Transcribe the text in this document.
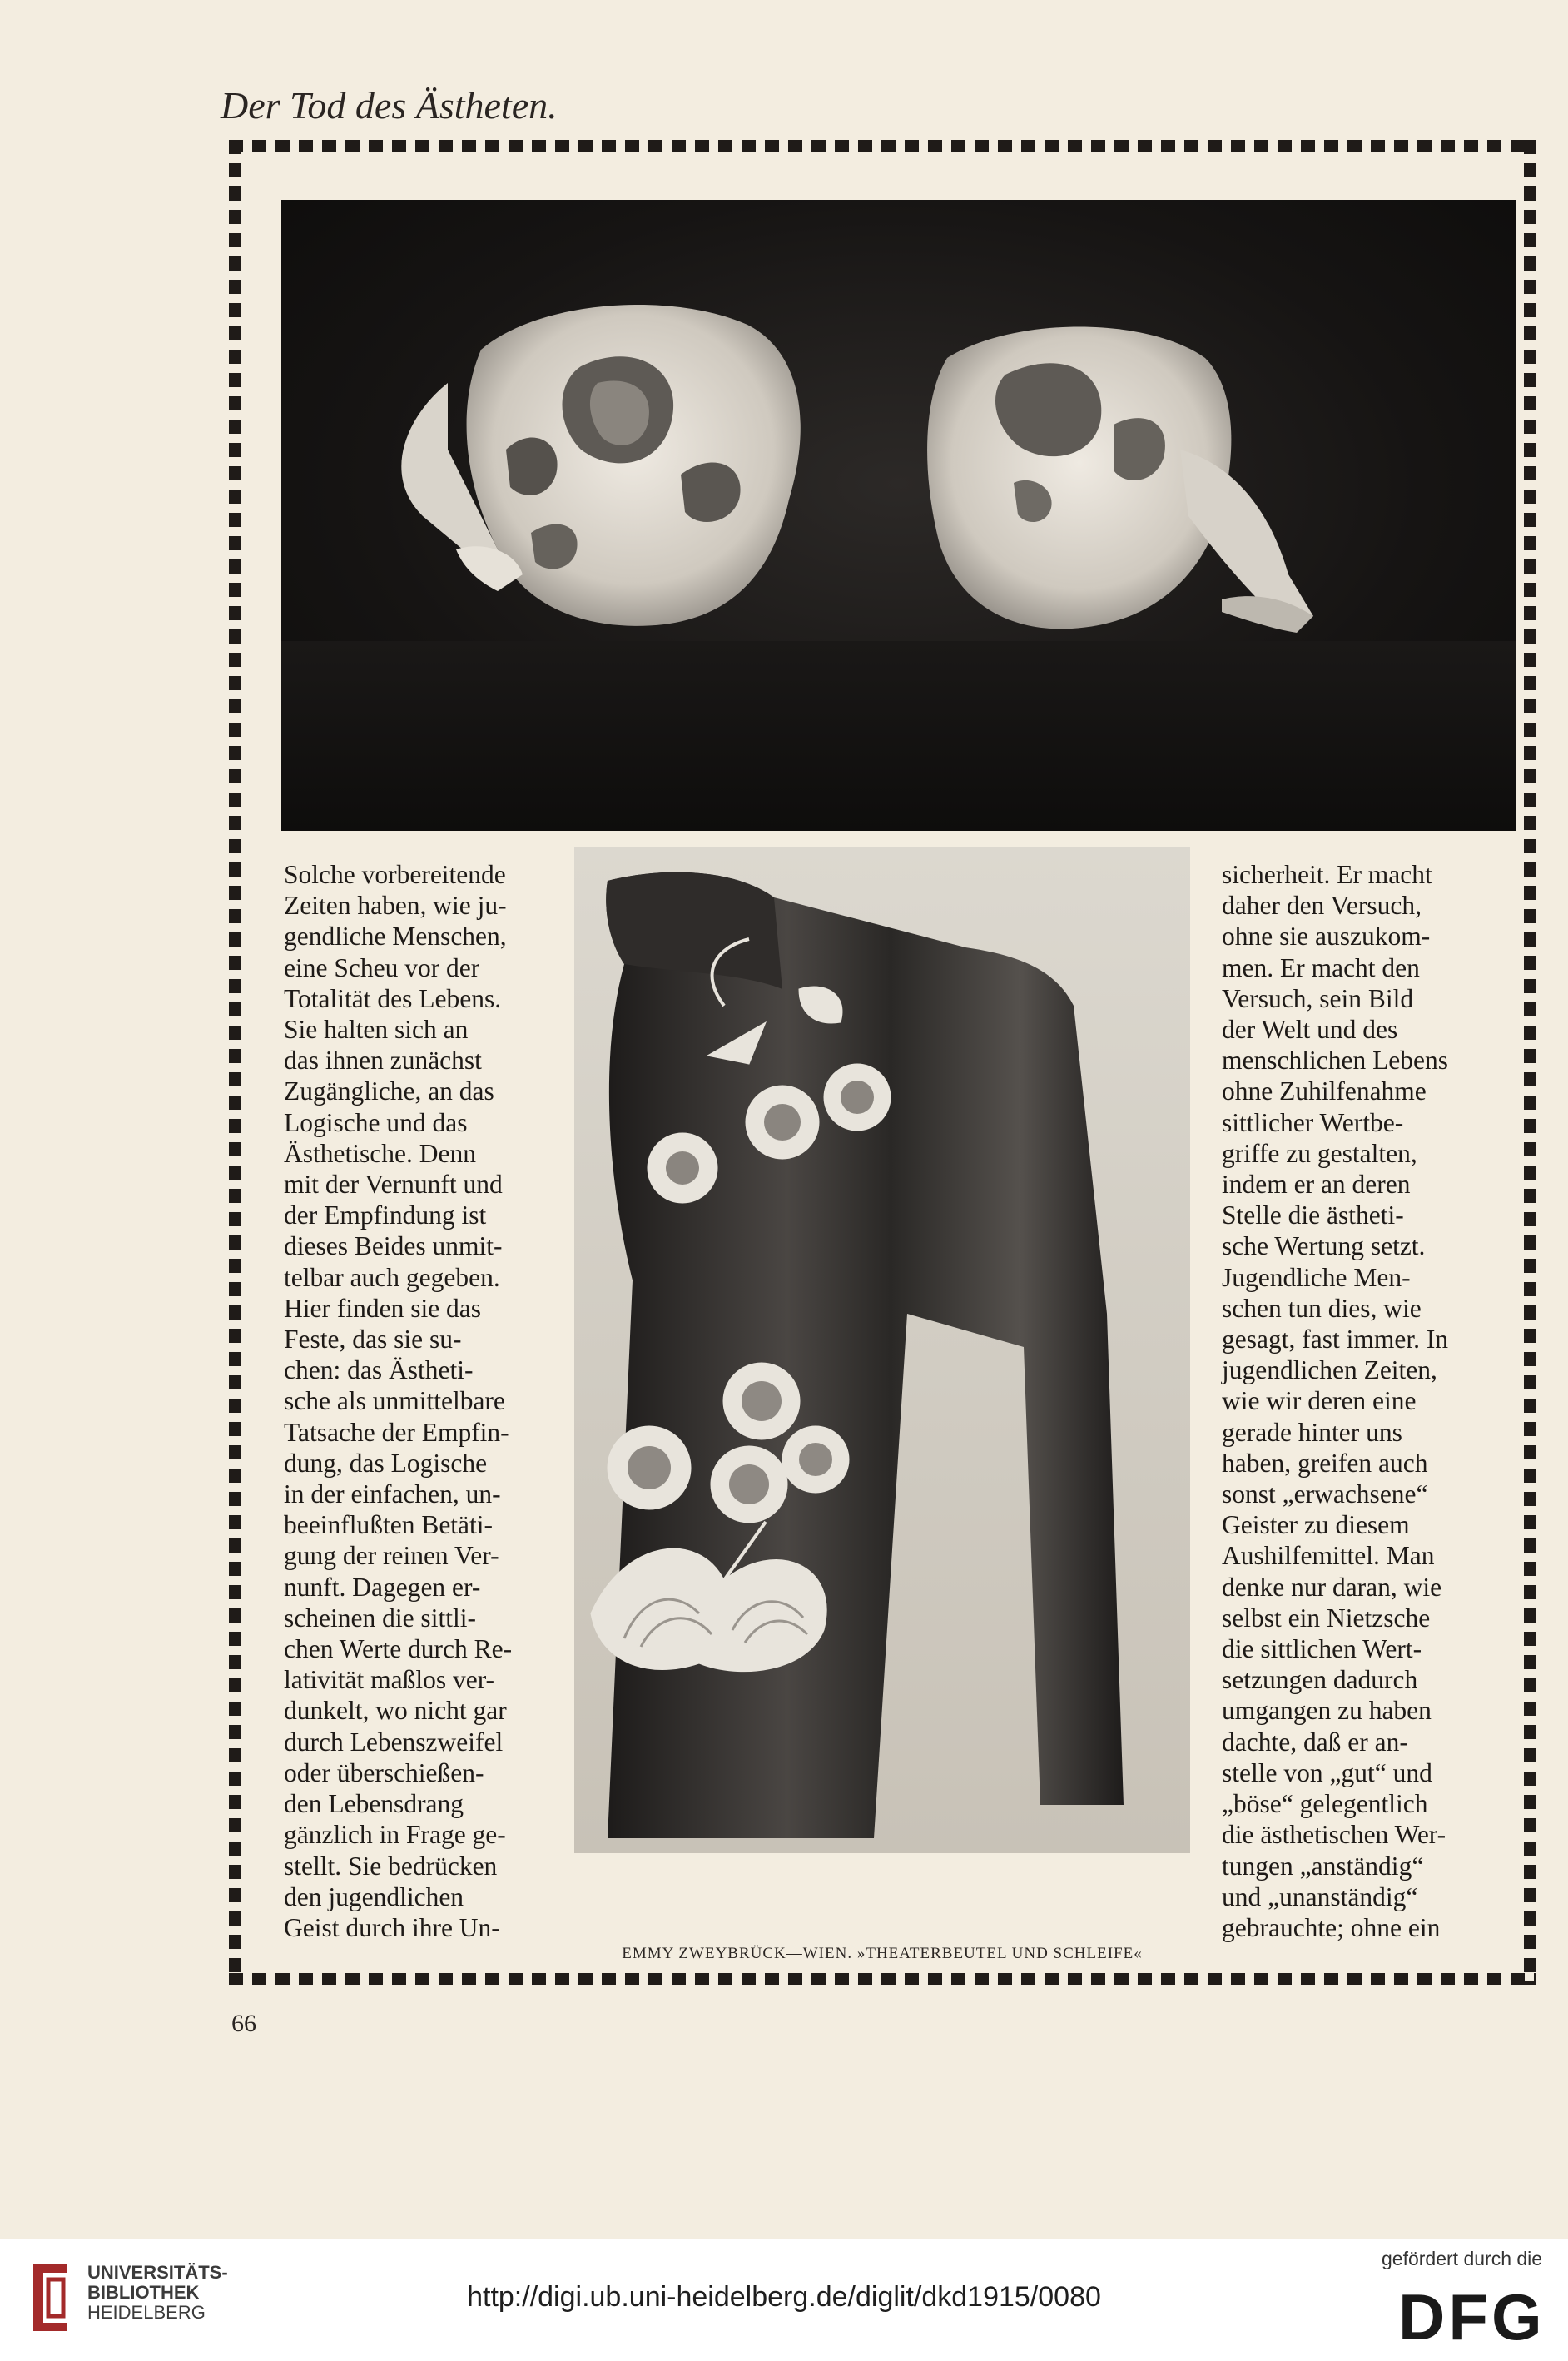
Der Tod des Ästheten.
Solche vorbereitende
Zeiten haben, wie ju-
gendliche Menschen,
eine Scheu vor der
Totalität des Lebens.
Sie halten sich an
das ihnen zunächst
Zugängliche, an das
Logische und das
Ästhetische. Denn
mit der Vernunft und
der Empfindung ist
dieses Beides unmit-
telbar auch gegeben.
Hier finden sie das
Feste, das sie su-
chen: das Ästheti-
sche als unmittelbare
Tatsache der Empfin-
dung, das Logische
in der einfachen, un-
beeinflußten Betäti-
gung der reinen Ver-
nunft. Dagegen er-
scheinen die sittli-
chen Werte durch Re-
lativität maßlos ver-
dunkelt, wo nicht gar
durch Lebenszweifel
oder überschießen-
den Lebensdrang
gänzlich in Frage ge-
stellt. Sie bedrücken
den jugendlichen
Geist durch ihre Un-
sicherheit. Er macht
daher den Versuch,
ohne sie auszukom-
men. Er macht den
Versuch, sein Bild
der Welt und des
menschlichen Lebens
ohne Zuhilfenahme
sittlicher Wertbe-
griffe zu gestalten,
indem er an deren
Stelle die ästheti-
sche Wertung setzt.
Jugendliche Men-
schen tun dies, wie
gesagt, fast immer. In
jugendlichen Zeiten,
wie wir deren eine
gerade hinter uns
haben, greifen auch
sonst „erwachsene“
Geister zu diesem
Aushilfemittel. Man
denke nur daran, wie
selbst ein Nietzsche
die sittlichen Wert-
setzungen dadurch
umgangen zu haben
dachte, daß er an-
stelle von „gut“ und
„böse“ gelegentlich
die ästhetischen Wer-
tungen „anständig“
und „unanständig“
gebrauchte; ohne ein
EMMY ZWEYBRÜCK—WIEN. »THEATERBEUTEL UND SCHLEIFE«
66
UNIVERSITÄTS-
BIBLIOTHEK
HEIDELBERG	http://digi.ub.uni-heidelberg.de/diglit/dkd1915/0080
gefördert durch die
DFG
